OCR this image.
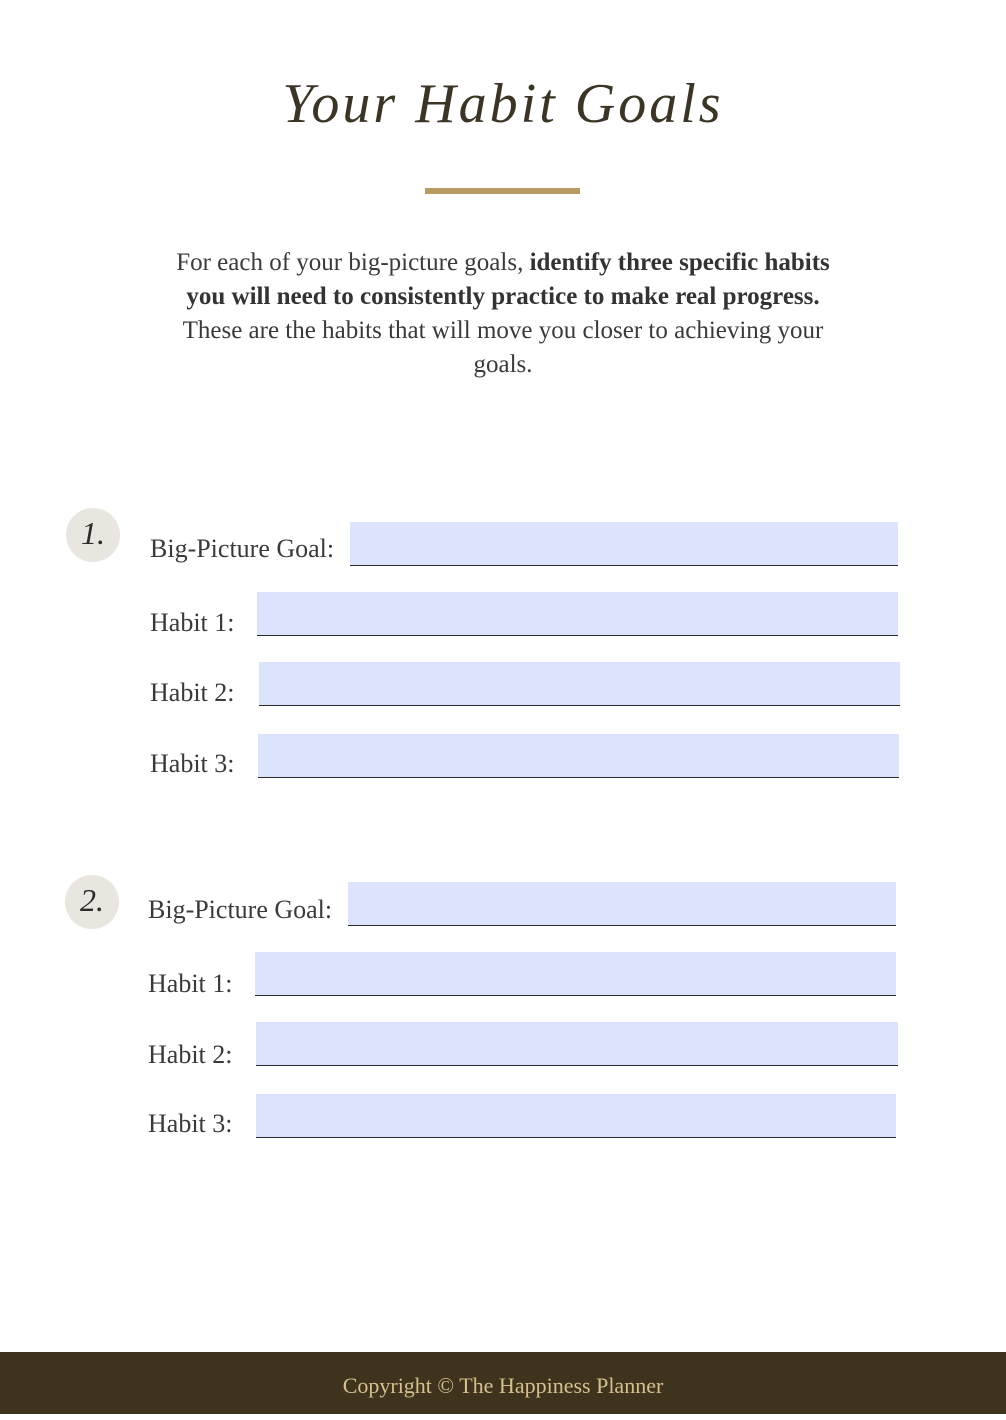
Your Habit Goals

For each of your big-picture goals, identify three specific habits you will need to consistently practice to make real progress. These are the habits that will move you closer to achieving your goals.

1.	Big-Picture Goal:
Habit 1:
Habit 2:
Habit 3:
2.	Big-Picture Goal:
Habit 1:
Habit 2:
Habit 3:
Copyright © The Happiness Planner
